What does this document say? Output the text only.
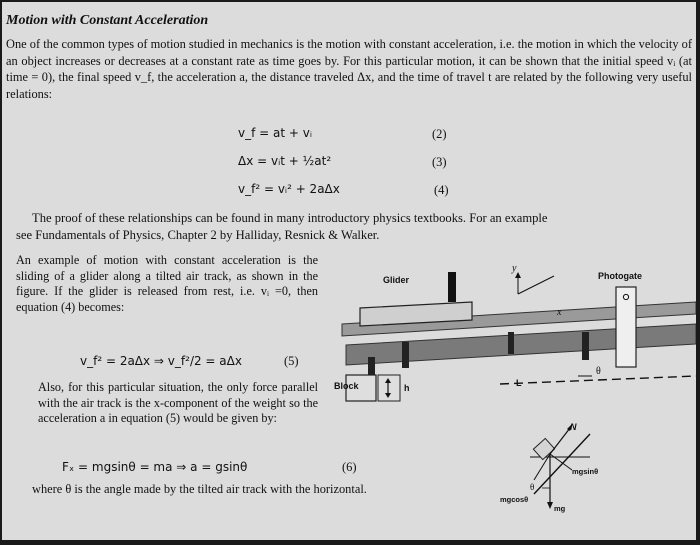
Motion with Constant Acceleration
One of the common types of motion studied in mechanics is the motion with constant acceleration, i.e. the motion in which the velocity of an object increases or decreases at a constant rate as time goes by. For this particular motion, it can be shown that the initial speed vᵢ (at time = 0), the final speed v_f, the acceleration a, the distance traveled Δx, and the time of travel t are related by the following very useful relations:
v_f = at + vᵢ	(2)
Δx = vᵢt + ½at²	(3)
v_f² = vᵢ² + 2aΔx	(4)
The proof of these relationships can be found in many introductory physics textbooks. For an example
see Fundamentals of Physics, Chapter 2 by Halliday, Resnick & Walker.
An example of motion with constant acceleration is the sliding of a glider along a tilted air track, as shown in the figure. If the glider is released from rest, i.e. vᵢ =0, then equation (4) becomes:
v_f² = 2aΔx ⇒ v_f²/2 = aΔx	(5)
Also, for this particular situation, the only force parallel with the air track is the x-component of the weight so the acceleration a in equation (5) would be given by:
Fₓ = mgsinθ = ma ⇒ a = gsinθ	(6)
where θ is the angle made by the tilted air track with the horizontal.
Glider	Photogate
Block	h	L
y
x
θ
N
mgsinθ
mgcosθ
mg
θ
